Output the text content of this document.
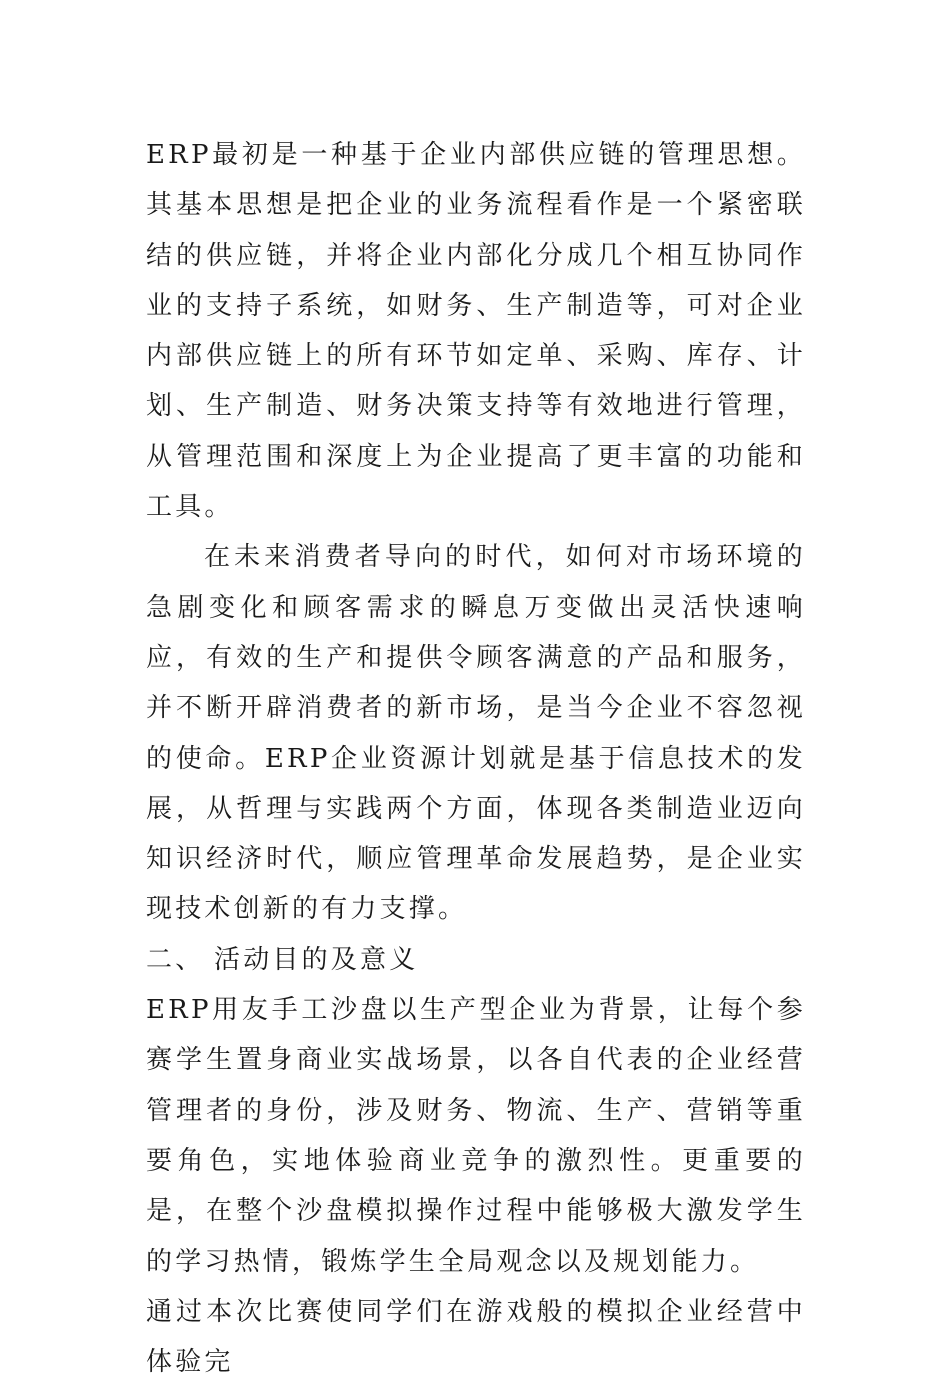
ERP最初是一种基于企业内部供应链的管理思想。其基本思想是把企业的业务流程看作是一个紧密联结的供应链，并将企业内部化分成几个相互协同作业的支持子系统，如财务、生产制造等，可对企业内部供应链上的所有环节如定单、采购、库存、计划、生产制造、财务决策支持等有效地进行管理，从管理范围和深度上为企业提高了更丰富的功能和工具。

在未来消费者导向的时代，如何对市场环境的急剧变化和顾客需求的瞬息万变做出灵活快速响应，有效的生产和提供令顾客满意的产品和服务，并不断开辟消费者的新市场，是当今企业不容忽视的使命。ERP企业资源计划就是基于信息技术的发展，从哲理与实践两个方面，体现各类制造业迈向知识经济时代，顺应管理革命发展趋势，是企业实现技术创新的有力支撑。

二、 活动目的及意义

ERP用友手工沙盘以生产型企业为背景，让每个参赛学生置身商业实战场景，以各自代表的企业经营管理者的身份，涉及财务、物流、生产、营销等重要角色，实地体验商业竞争的激烈性。更重要的是，在整个沙盘模拟操作过程中能够极大激发学生的学习热情，锻炼学生全局观念以及规划能力。

通过本次比赛使同学们在游戏般的模拟企业经营中体验完
